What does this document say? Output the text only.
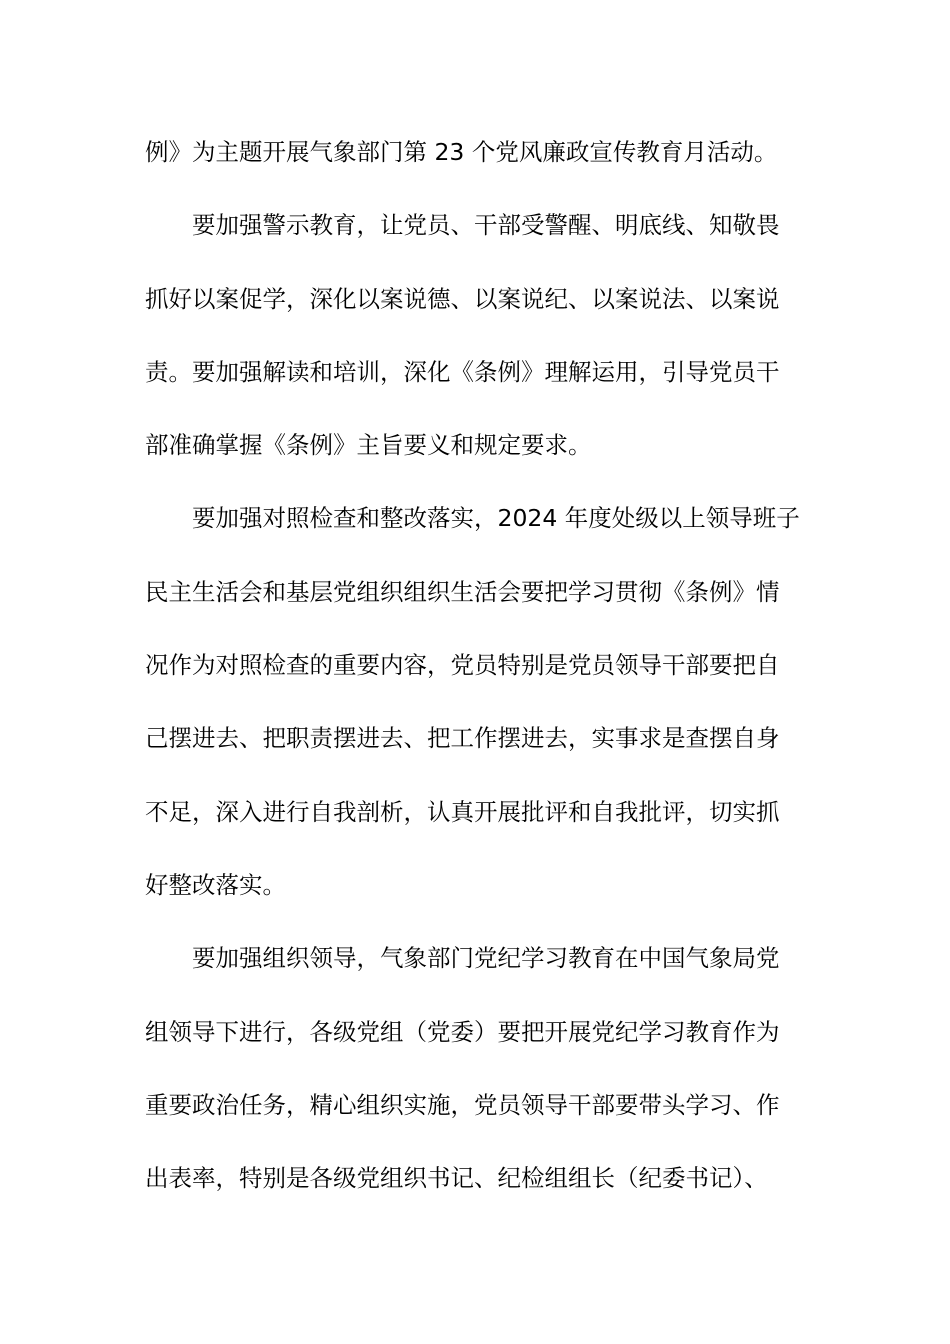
例》为主题开展气象部门第 23 个党风廉政宣传教育月活动。
要加强警示教育，让党员、干部受警醒、明底线、知敬畏
抓好以案促学，深化以案说德、以案说纪、以案说法、以案说
责。要加强解读和培训，深化《条例》理解运用，引导党员干
部准确掌握《条例》主旨要义和规定要求。
要加强对照检查和整改落实，2024 年度处级以上领导班子
民主生活会和基层党组织组织生活会要把学习贯彻《条例》情
况作为对照检查的重要内容，党员特别是党员领导干部要把自
己摆进去、把职责摆进去、把工作摆进去，实事求是查摆自身
不足，深入进行自我剖析，认真开展批评和自我批评，切实抓
好整改落实。
要加强组织领导，气象部门党纪学习教育在中国气象局党
组领导下进行，各级党组（党委）要把开展党纪学习教育作为
重要政治任务，精心组织实施，党员领导干部要带头学习、作
出表率，特别是各级党组织书记、纪检组组长（纪委书记）、
